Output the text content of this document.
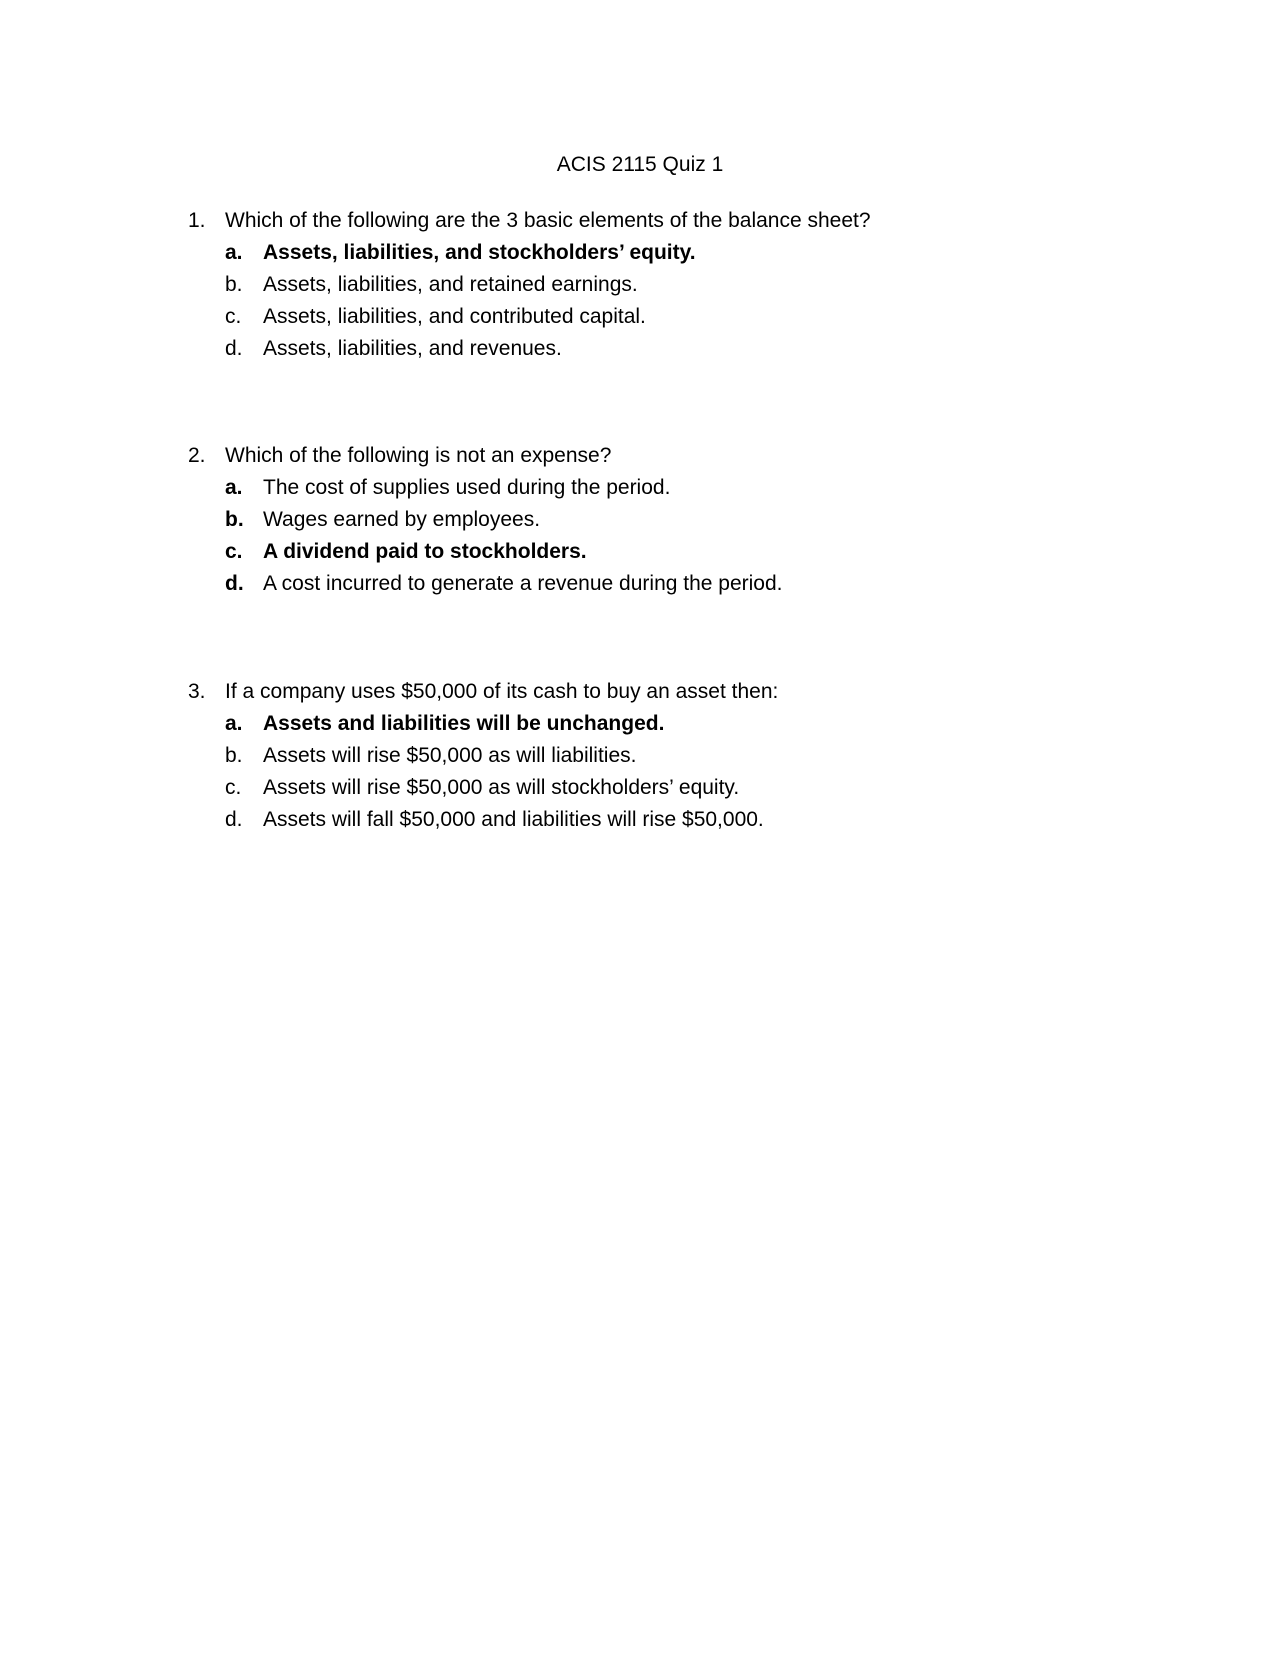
ACIS 2115 Quiz 1
1. Which of the following are the 3 basic elements of the balance sheet?
a. Assets, liabilities, and stockholders’ equity.
b. Assets, liabilities, and retained earnings.
c.	Assets, liabilities, and contributed capital.
d. Assets, liabilities, and revenues.
2. Which of the following is not an expense?
a. The cost of supplies used during the period.
b. Wages earned by employees.
c. A dividend paid to stockholders.
d. A cost incurred to generate a revenue during the period.
3. If a company uses $50,000 of its cash to buy an asset then:
a. Assets and liabilities will be unchanged.
b. Assets will rise $50,000 as will liabilities.
c.	Assets will rise $50,000 as will stockholders’ equity.
d. Assets will fall $50,000 and liabilities will rise $50,000.
